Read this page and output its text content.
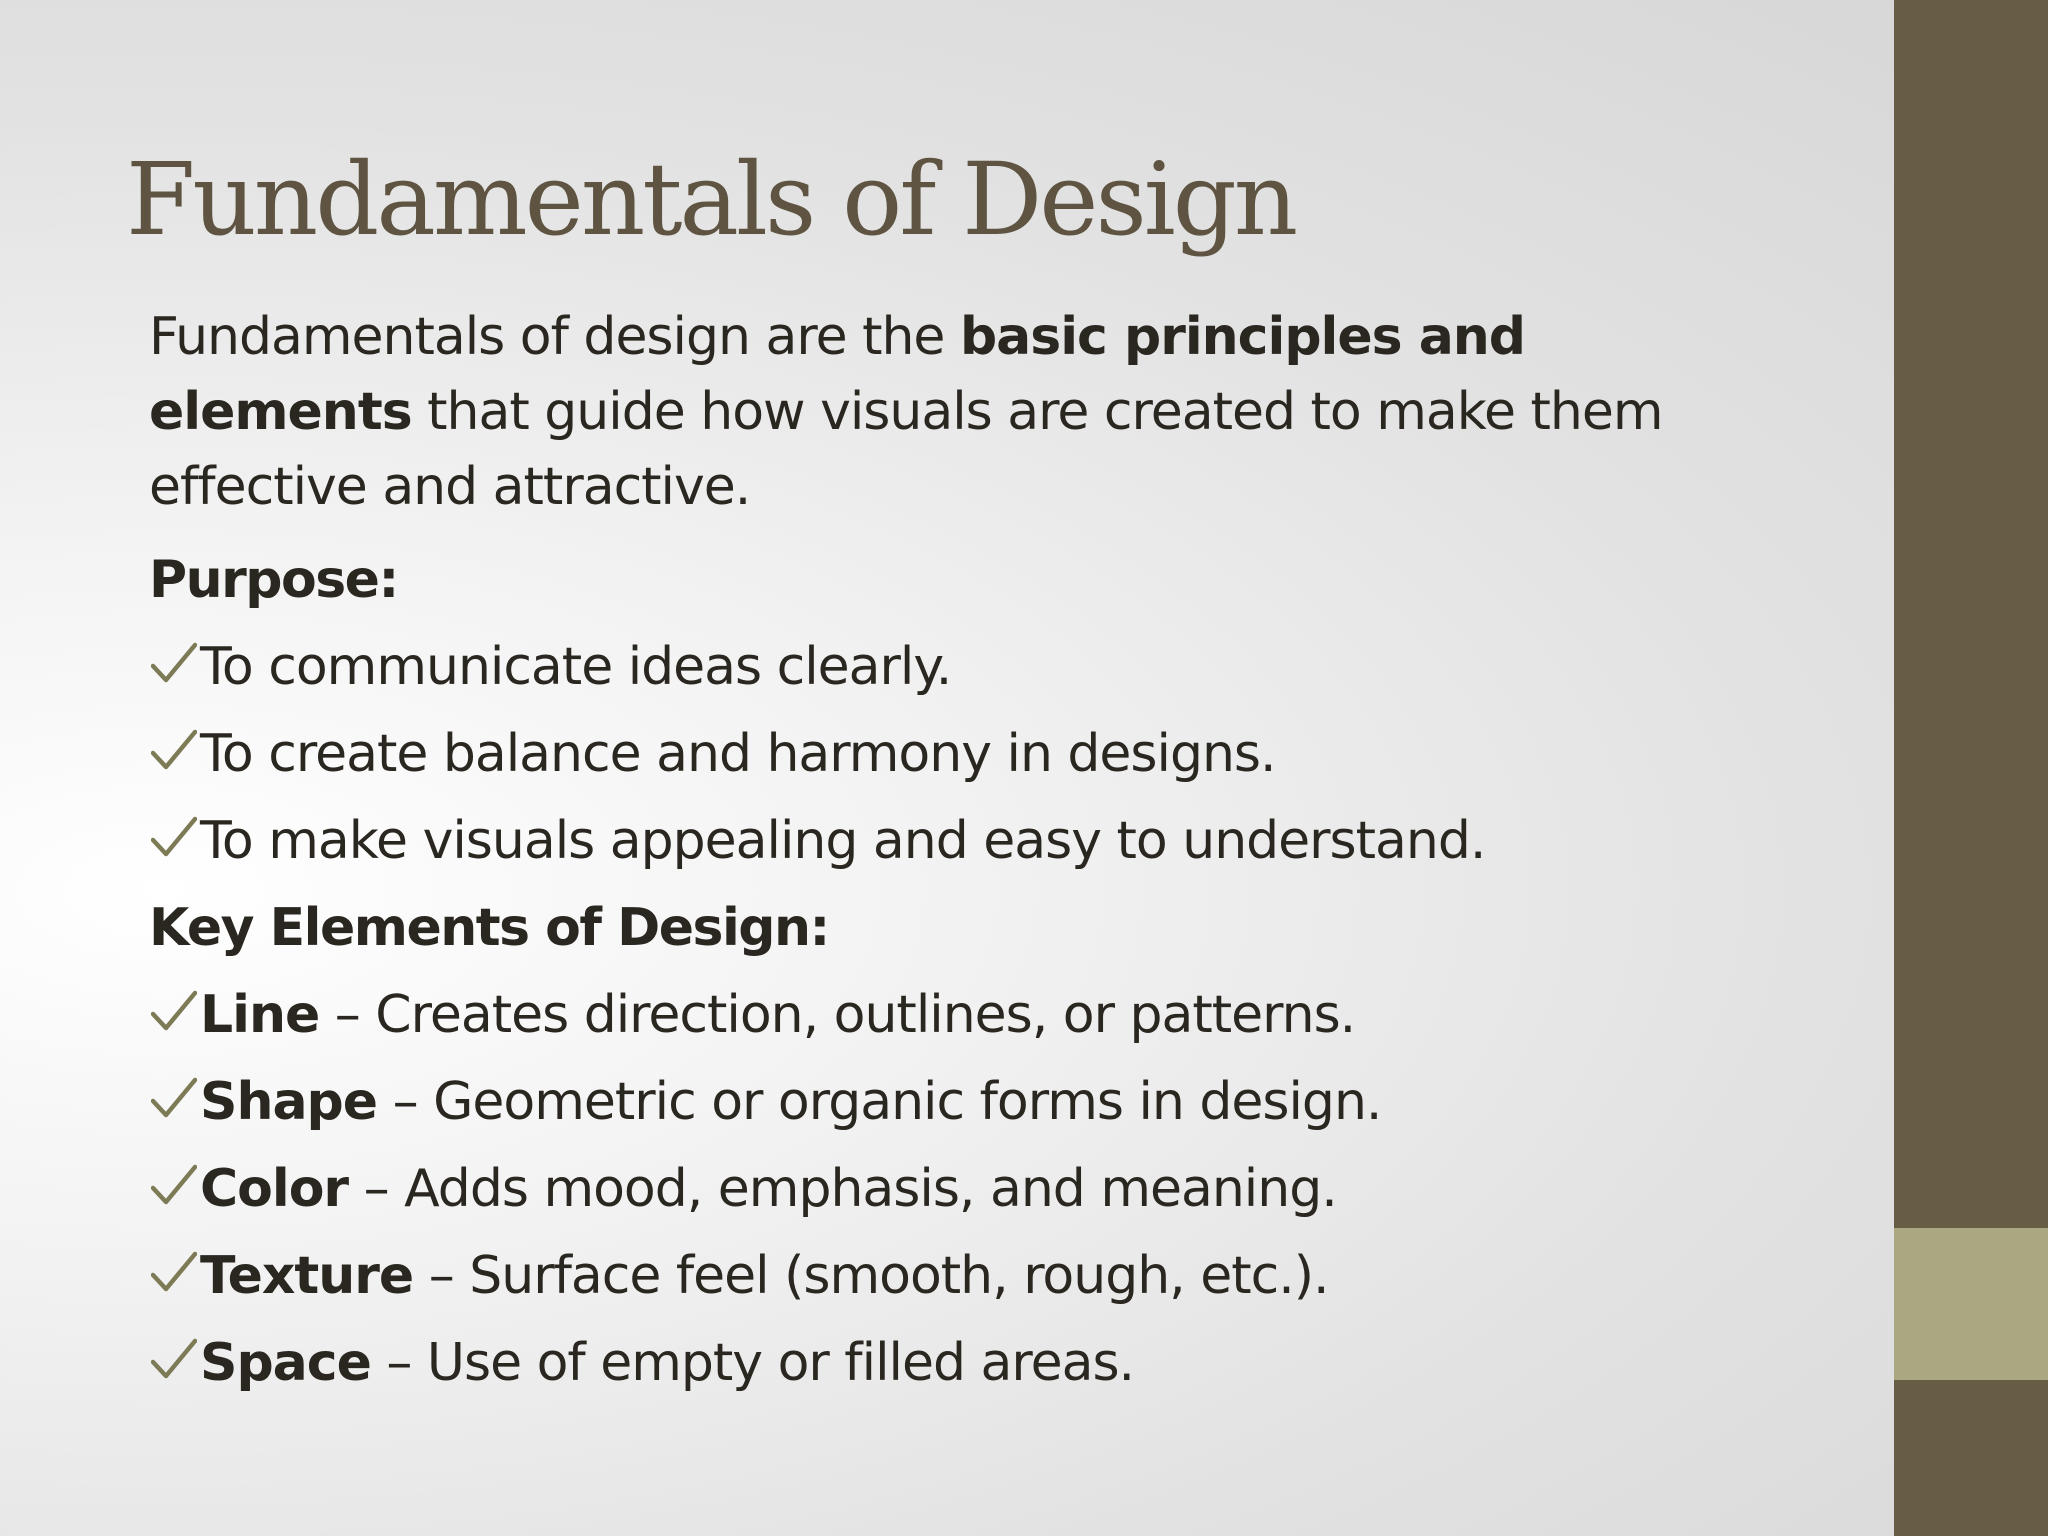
Fundamentals of Design

Fundamentals of design are the basic principles and elements that guide how visuals are created to make them effective and attractive.

Purpose:
To communicate ideas clearly.
To create balance and harmony in designs.
To make visuals appealing and easy to understand.
Key Elements of Design:
Line – Creates direction, outlines, or patterns.
Shape – Geometric or organic forms in design.
Color – Adds mood, emphasis, and meaning.
Texture – Surface feel (smooth, rough, etc.).
Space – Use of empty or filled areas.
